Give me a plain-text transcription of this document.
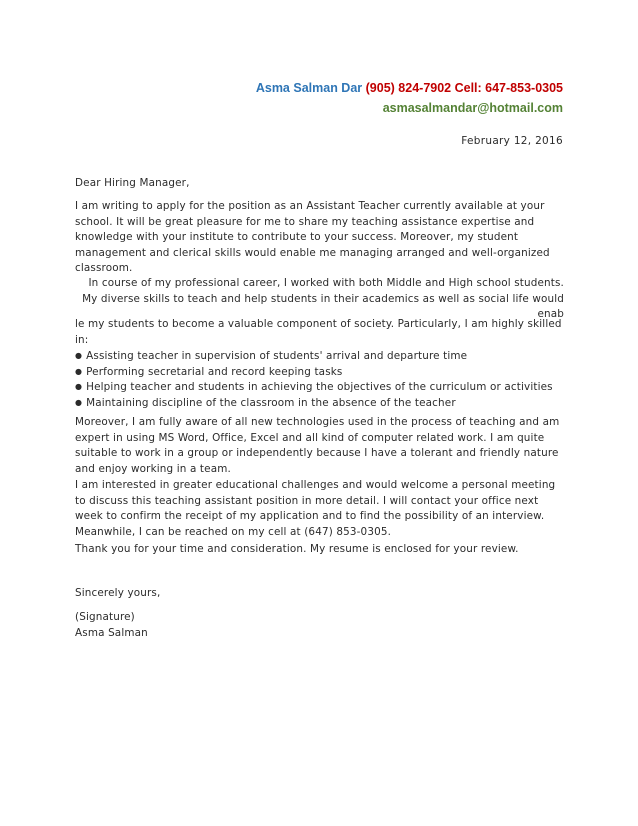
Asma Salman Dar (905) 824-7902 Cell: 647-853-0305
asmasalmandar@hotmail.com
February 12, 2016
Dear Hiring Manager,

I am writing to apply for the position as an Assistant Teacher currently available at your school. It will be great pleasure for me to share my teaching assistance expertise and knowledge with your institute to contribute to your success. Moreover, my student management and clerical skills would enable me managing arranged and well-organized classroom.

In course of my professional career, I worked with both Middle and High school students.
My diverse skills to teach and help students in their academics as well as social life would
enab

le my students to become a valuable component of society. Particularly, I am highly skilled in:

● Assisting teacher in supervision of students' arrival and departure time
● Performing secretarial and record keeping tasks
● Helping teacher and students in achieving the objectives of the curriculum or activities
● Maintaining discipline of the classroom in the absence of the teacher

Moreover, I am fully aware of all new technologies used in the process of teaching and am expert in using MS Word, Office, Excel and all kind of computer related work. I am quite suitable to work in a group or independently because I have a tolerant and friendly nature and enjoy working in a team.

I am interested in greater educational challenges and would welcome a personal meeting to discuss this teaching assistant position in more detail. I will contact your office next week to confirm the receipt of my application and to find the possibility of an interview. Meanwhile, I can be reached on my cell at (647) 853-0305.

Thank you for your time and consideration. My resume is enclosed for your review.

Sincerely yours,
(Signature)
Asma Salman
